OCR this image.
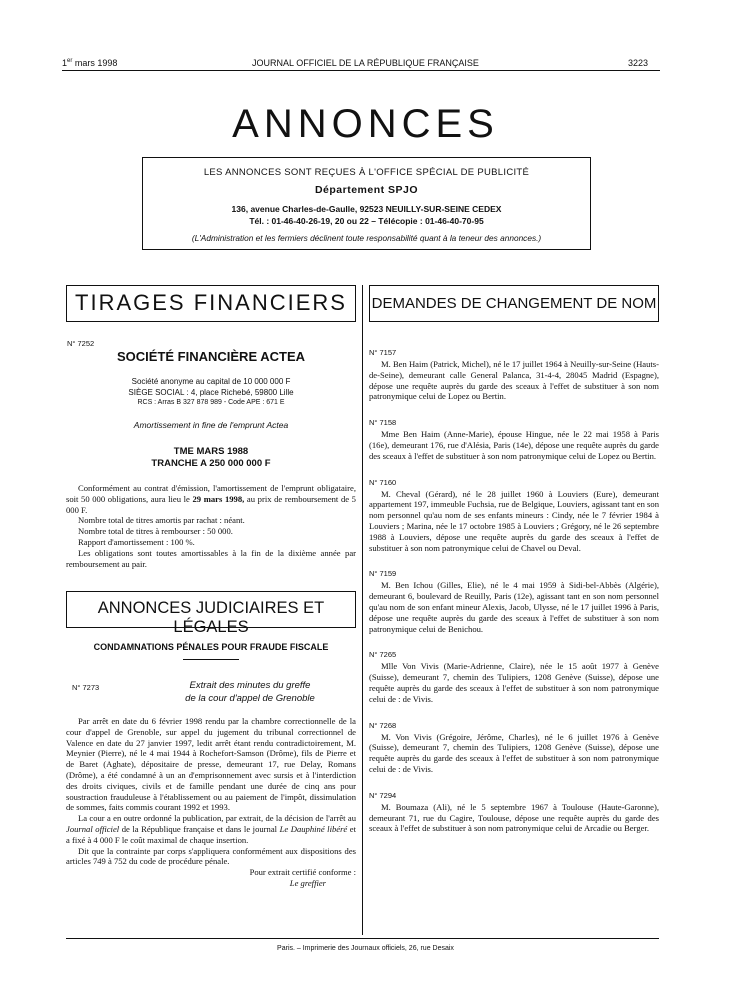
1er mars 1998	JOURNAL OFFICIEL DE LA RÉPUBLIQUE FRANÇAISE	3223
ANNONCES
LES ANNONCES SONT REÇUES À L'OFFICE SPÉCIAL DE PUBLICITÉ
Département SPJO
136, avenue Charles-de-Gaulle, 92523 NEUILLY-SUR-SEINE CEDEX
Tél. : 01-46-40-26-19, 20 ou 22 – Télécopie : 01-46-40-70-95
(L'Administration et les fermiers déclinent toute responsabilité quant à la teneur des annonces.)
TIRAGES FINANCIERS
N° 7252
SOCIÉTÉ FINANCIÈRE ACTEA
Société anonyme au capital de 10 000 000 F
SIÈGE SOCIAL : 4, place Richebé, 59800 Lille
RCS : Arras B 327 878 989 - Code APE : 671 E
Amortissement in fine de l'emprunt Actea
TME MARS 1988
TRANCHE A 250 000 000 F

Conformément au contrat d'émission, l'amortissement de l'emprunt obligataire, soit 50 000 obligations, aura lieu le 29 mars 1998, au prix de remboursement de 5 000 F.

Nombre total de titres amortis par rachat : néant.

Nombre total de titres à rembourser : 50 000.

Rapport d'amortissement : 100 %.

Les obligations sont toutes amortissables à la fin de la dixième année par remboursement au pair.

ANNONCES JUDICIAIRES ET LÉGALES
CONDAMNATIONS PÉNALES POUR FRAUDE FISCALE
N° 7273	Extrait des minutes du greffe
de la cour d'appel de Grenoble

Par arrêt en date du 6 février 1998 rendu par la chambre correctionnelle de la cour d'appel de Grenoble, sur appel du jugement du tribunal correctionnel de Valence en date du 27 janvier 1997, ledit arrêt étant rendu contradictoirement, M. Meynier (Pierre), né le 4 mai 1944 à Rochefort-Samson (Drôme), fils de Pierre et de Baret (Aghate), dépositaire de presse, demeurant 17, rue Delay, Romans (Drôme), a été condamné à un an d'emprisonnement avec sursis et à l'interdiction des droits civiques, civils et de famille pendant une durée de cinq ans pour soustraction frauduleuse à l'établissement ou au paiement de l'impôt, dissimulation de sommes, faits commis courant 1992 et 1993.

La cour a en outre ordonné la publication, par extrait, de la décision de l'arrêt au Journal officiel de la République française et dans le journal Le Dauphiné libéré et a fixé à 4 000 F le coût maximal de chaque insertion.

Dit que la contrainte par corps s'appliquera conformément aux dispositions des articles 749 à 752 du code de procédure pénale.

Pour extrait certifié conforme :

Le greffier

DEMANDES DE CHANGEMENT DE NOM
N° 7157

M. Ben Haim (Patrick, Michel), né le 17 juillet 1964 à Neuilly-sur-Seine (Hauts-de-Seine), demeurant calle General Palanca, 31-4-4, 28045 Madrid (Espagne), dépose une requête auprès du garde des sceaux à l'effet de substituer à son nom patronymique celui de Lopez ou Bertin.

N° 7158

Mme Ben Haim (Anne-Marie), épouse Hingue, née le 22 mai 1958 à Paris (16e), demeurant 176, rue d'Alésia, Paris (14e), dépose une requête auprès du garde des sceaux à l'effet de substituer à son nom patronymique celui de Lopez ou Bertin.

N° 7160

M. Cheval (Gérard), né le 28 juillet 1960 à Louviers (Eure), demeurant appartement 197, immeuble Fuchsia, rue de Belgique, Louviers, agissant tant en son nom personnel qu'au nom de ses enfants mineurs : Cindy, née le 7 février 1984 à Louviers ; Marina, née le 17 octobre 1985 à Louviers ; Grégory, né le 26 septembre 1988 à Louviers, dépose une requête auprès du garde des sceaux à l'effet de substituer à son nom patronymique celui de Chavel ou Deval.

N° 7159

M. Ben Ichou (Gilles, Elie), né le 4 mai 1959 à Sidi-bel-Abbès (Algérie), demeurant 6, boulevard de Reuilly, Paris (12e), agissant tant en son nom personnel qu'au nom de son enfant mineur Alexis, Jacob, Ulysse, né le 17 juillet 1996 à Paris, dépose une requête auprès du garde des sceaux à l'effet de substituer à son nom patronymique celui de Benichou.

N° 7265

Mlle Von Vivis (Marie-Adrienne, Claire), née le 15 août 1977 à Genève (Suisse), demeurant 7, chemin des Tulipiers, 1208 Genève (Suisse), dépose une requête auprès du garde des sceaux à l'effet de substituer à son nom patronymique celui de : de Vivis.

N° 7268

M. Von Vivis (Grégoire, Jérôme, Charles), né le 6 juillet 1976 à Genève (Suisse), demeurant 7, chemin des Tulipiers, 1208 Genève (Suisse), dépose une requête auprès du garde des sceaux à l'effet de substituer à son nom patronymique celui de : de Vivis.

N° 7294

M. Boumaza (Ali), né le 5 septembre 1967 à Toulouse (Haute-Garonne), demeurant 71, rue du Cagire, Toulouse, dépose une requête auprès du garde des sceaux à l'effet de substituer à son nom patronymique celui de Arcadie ou Berger.

Paris. – Imprimerie des Journaux officiels, 26, rue Desaix
